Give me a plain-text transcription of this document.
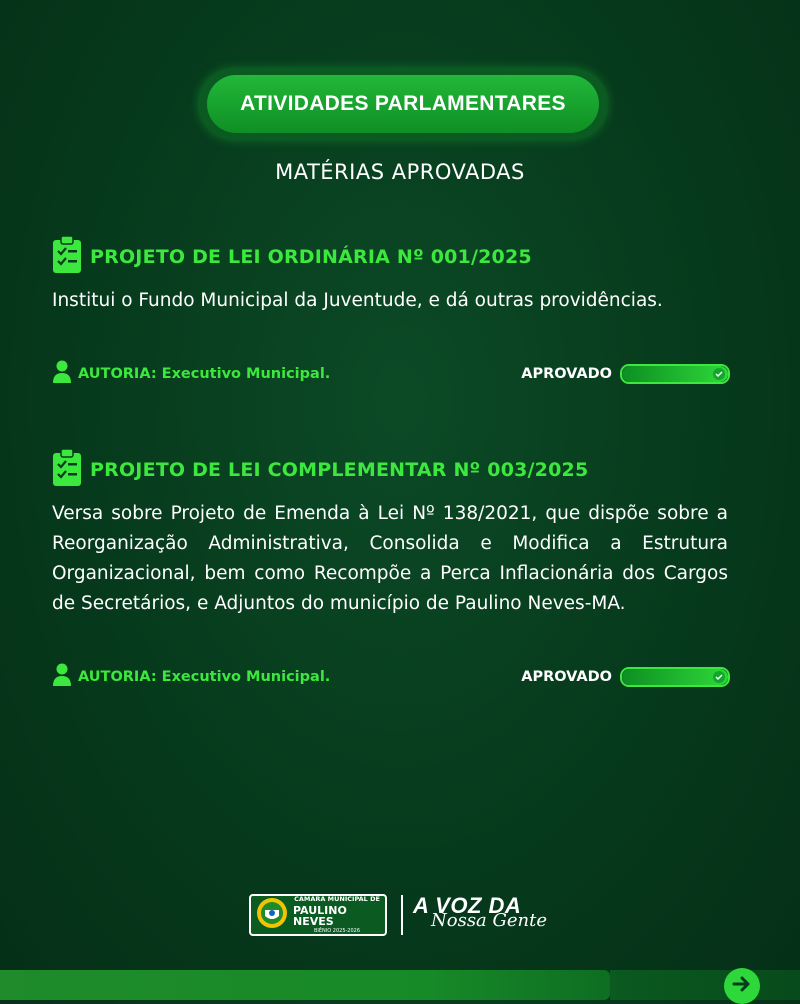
ATIVIDADES PARLAMENTARES
MATÉRIAS APROVADAS
PROJETO DE LEI ORDINÁRIA Nº 001/2025
Institui o Fundo Municipal da Juventude, e dá outras providências.
AUTORIA: Executivo Municipal.	APROVADO
PROJETO DE LEI COMPLEMENTAR Nº 003/2025
Versa sobre Projeto de Emenda à Lei Nº 138/2021, que dispõe sobre a Reorganização Administrativa, Consolida e Modifica a Estrutura Organizacional, bem como Recompõe a Perca Inflacionária dos Cargos de Secretários, e Adjuntos do município de Paulino Neves-MA.
AUTORIA: Executivo Municipal.	APROVADO
CÂMARA MUNICIPAL DE
PAULINO NEVES
BIÊNIO 2025-2026
A VOZ DA
Nossa Gente
